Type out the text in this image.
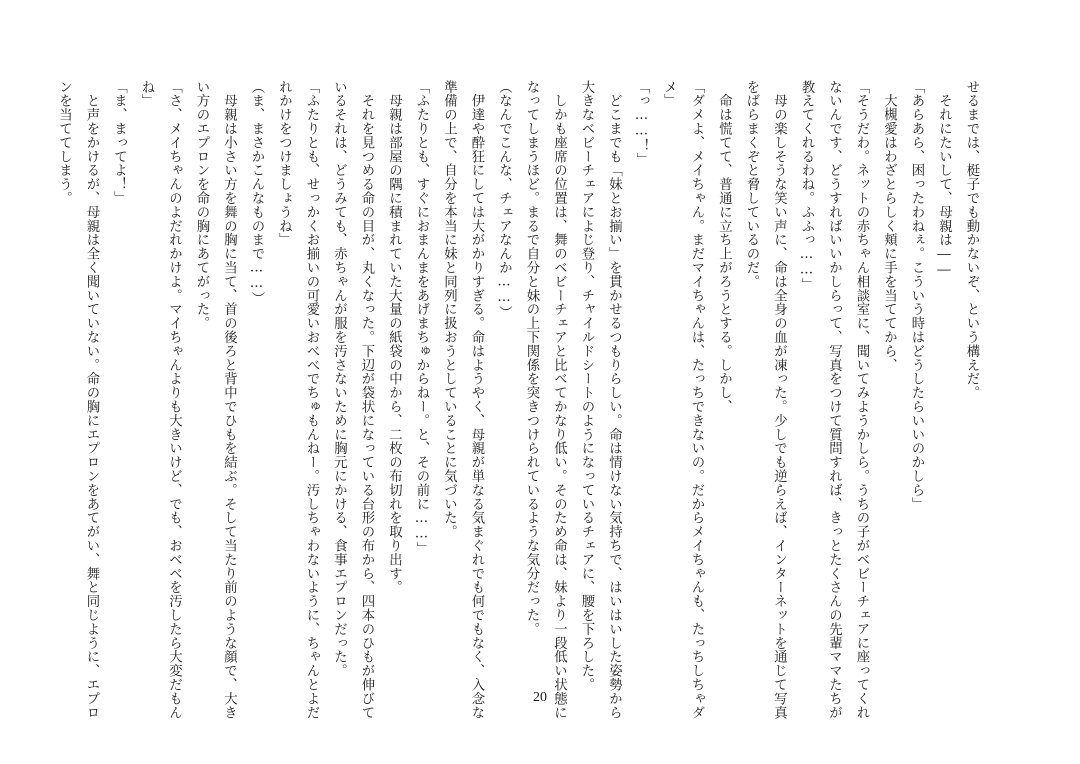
せるまでは、梃子でも動かないぞ、という構えだ。

　それにたいして、母親は――

「あらあら、困ったわねぇ。こういう時はどうしたらいいのかしら」

　大槻愛はわざとらしく頬に手を当ててから、

「そうだわ。ネットの赤ちゃん相談室に、聞いてみようかしら。うちの子がベビーチェアに座ってくれ

ないんです、どうすればいいかしらって、写真をつけて質問すれば、きっとたくさんの先輩ママたちが

教えてくれるわね。ふふっ……」

　母の楽しそうな笑い声に、命は全身の血が凍った。少しでも逆らえば、インターネットを通じて写真

をばらまくぞと脅しているのだ。

　命は慌てて、普通に立ち上がろうとする。しかし、

「ダメよ、メイちゃん。まだマイちゃんは、たっちできないの。だからメイちゃんも、たっちしちゃダ

メ」

「っ……！」

　どこまでも「妹とお揃い」を貫かせるつもりらしい。命は情けない気持ちで、はいはいした姿勢から

大きなベビーチェアによじ登り、チャイルドシートのようになっているチェアに、腰を下ろした。

　しかも座席の位置は、舞のベビーチェアと比べてかなり低い。そのため命は、妹より一段低い状態に

なってしまうほど。まるで自分と妹の上下関係を突きつけられているような気分だった。

（なんでこんな、チェアなんか……）

　伊達や酔狂にしては大がかりすぎる。命はようやく、母親が単なる気まぐれでも何でもなく、入念な

準備の上で、自分を本当に妹と同列に扱おうとしていることに気づいた。

「ふたりとも、すぐにおまんまをあげまちゅからねー。と、その前に……」

　母親は部屋の隅に積まれていた大量の紙袋の中から、二枚の布切れを取り出す。

　それを見つめる命の目が、丸くなった。下辺が袋状になっている台形の布から、四本のひもが伸びて

いるそれは、どうみても、赤ちゃんが服を汚さないために胸元にかける、食事エプロンだった。

「ふたりとも、せっかくお揃いの可愛いおべべでちゅもんねー。汚しちゃわないように、ちゃんとよだ

れかけをつけましょうね」

（ま、まさかこんなものまで……）

　母親は小さい方を舞の胸に当て、首の後ろと背中でひもを結ぶ。そして当たり前のような顔で、大き

い方のエプロンを命の胸にあてがった。

「さ、メイちゃんのよだれかけよ。マイちゃんよりも大きいけど、でも、おべべを汚したら大変だもん

ね」

「ま、まってよ！」

　と声をかけるが、母親は全く聞いていない。命の胸にエプロンをあてがい、舞と同じように、エプロ

ンを当ててしまう。

20
